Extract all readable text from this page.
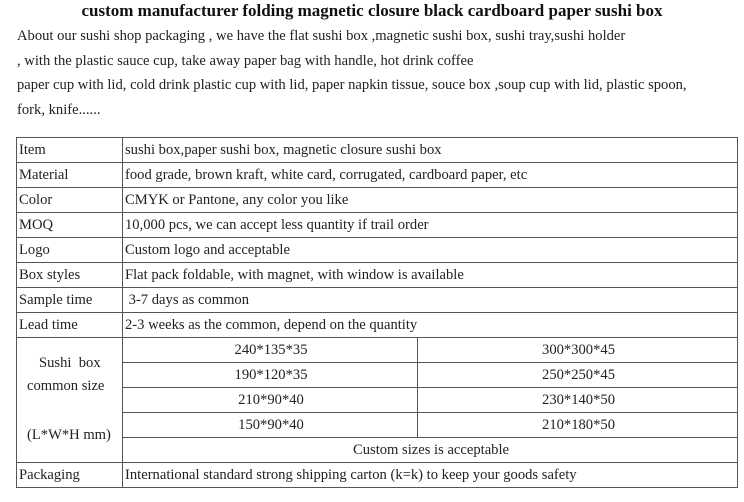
custom manufacturer folding magnetic closure black cardboard paper sushi box
About our sushi shop packaging , we have the flat sushi box ,magnetic sushi box, sushi tray,sushi holder
, with the plastic sauce cup, take away paper bag with handle, hot drink coffee
paper cup with lid, cold drink plastic cup with lid, paper napkin tissue, souce box ,soup cup with lid, plastic spoon,
fork, knife......
Item	sushi box,paper sushi box, magnetic closure sushi box	
Material	food grade, brown kraft, white card, corrugated, cardboard paper, etc	
Color	CMYK or Pantone, any color you like	
MOQ	10,000 pcs, we can accept less quantity if trail order	
Logo	Custom logo and acceptable	
Box styles	Flat pack foldable, with magnet, with window is available	
Sample time	3-7 days as common	
Lead time	2-3 weeks as the common, depend on the quantity	

Sushi  box
common size
(L*W*H mm)	240*135*35	300*300*45
	190*120*35	250*250*45
	210*90*40	230*140*50
	150*90*40	210*180*50
	Custom sizes is acceptable	
Packaging	International standard strong shipping carton (k=k) to keep your goods safety	
